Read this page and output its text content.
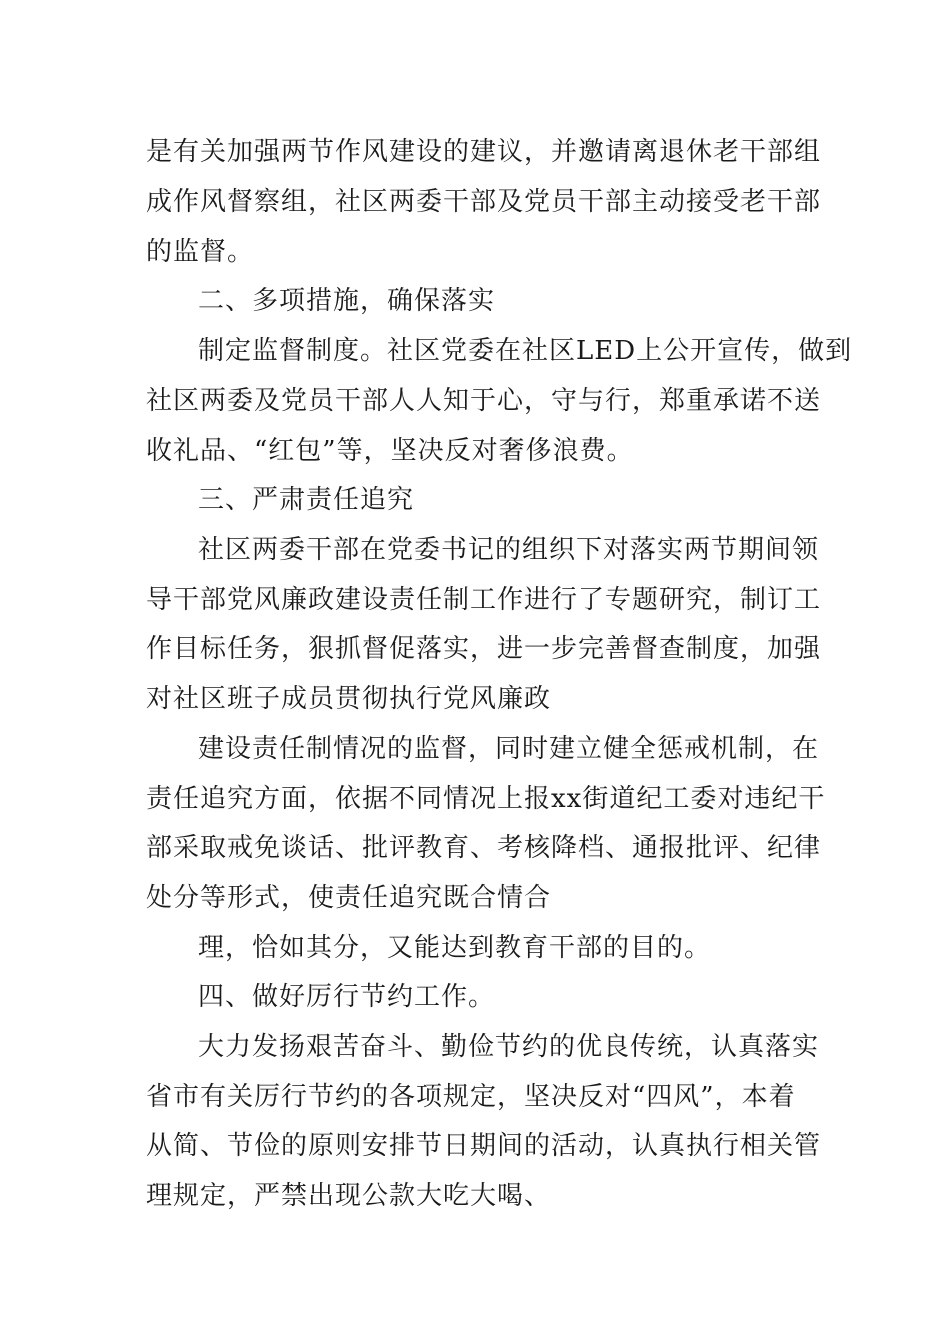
是有关加强两节作风建设的建议，并邀请离退休老干部组
成作风督察组，社区两委干部及党员干部主动接受老干部
的监督。
二、多项措施，确保落实
制定监督制度。社区党委在社区LED上公开宣传，做到
社区两委及党员干部人人知于心，守与行，郑重承诺不送
收礼品、“红包”等，坚决反对奢侈浪费。
三、严肃责任追究
社区两委干部在党委书记的组织下对落实两节期间领
导干部党风廉政建设责任制工作进行了专题研究，制订工
作目标任务，狠抓督促落实，进一步完善督查制度，加强
对社区班子成员贯彻执行党风廉政
建设责任制情况的监督，同时建立健全惩戒机制，在
责任追究方面，依据不同情况上报xx街道纪工委对违纪干
部采取戒免谈话、批评教育、考核降档、通报批评、纪律
处分等形式，使责任追究既合情合
理，恰如其分，又能达到教育干部的目的。
四、做好厉行节约工作。
大力发扬艰苦奋斗、勤俭节约的优良传统，认真落实
省市有关厉行节约的各项规定，坚决反对“四风”，本着
从简、节俭的原则安排节日期间的活动，认真执行相关管
理规定，严禁出现公款大吃大喝、
